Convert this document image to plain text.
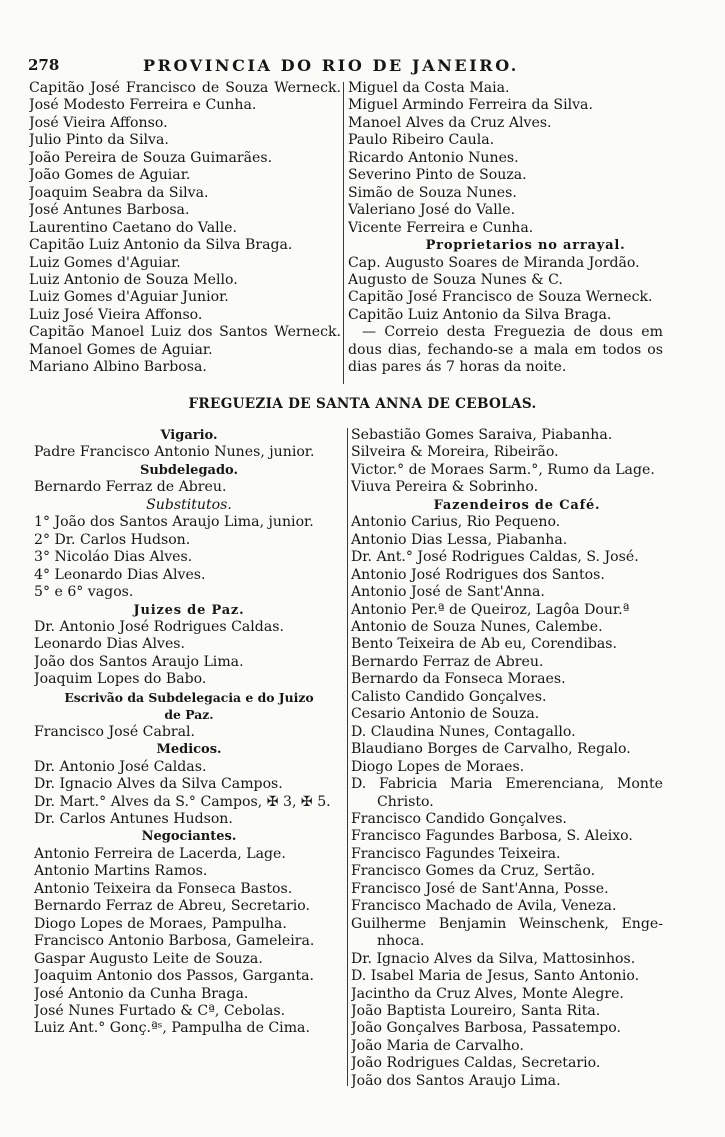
278	PROVINCIA DO RIO DE JANEIRO.
Capitão José Francisco de Souza Werneck.
José Modesto Ferreira e Cunha.
José Vieira Affonso.
Julio Pinto da Silva.
João Pereira de Souza Guimarães.
João Gomes de Aguiar.
Joaquim Seabra da Silva.
José Antunes Barbosa.
Laurentino Caetano do Valle.
Capitão Luiz Antonio da Silva Braga.
Luiz Gomes d'Aguiar.
Luiz Antonio de Souza Mello.
Luiz Gomes d'Aguiar Junior.
Luiz José Vieira Affonso.
Capitão Manoel Luiz dos Santos Werneck.
Manoel Gomes de Aguiar.
Mariano Albino Barbosa.
Miguel da Costa Maia.
Miguel Armindo Ferreira da Silva.
Manoel Alves da Cruz Alves.
Paulo Ribeiro Caula.
Ricardo Antonio Nunes.
Severino Pinto de Souza.
Simão de Souza Nunes.
Valeriano José do Valle.
Vicente Ferreira e Cunha.
Proprietarios no arrayal.
Cap. Augusto Soares de Miranda Jordão.
Augusto de Souza Nunes & C.
Capitão José Francisco de Souza Werneck.
Capitão Luiz Antonio da Silva Braga.
— Correio desta Freguezia de dous em
dous dias, fechando-se a mala em todos os
dias pares ás 7 horas da noite.
FREGUEZIA DE SANTA ANNA DE CEBOLAS.
Vigario.
Padre Francisco Antonio Nunes, junior.
Subdelegado.
Bernardo Ferraz de Abreu.
Substitutos.
1° João dos Santos Araujo Lima, junior.
2° Dr. Carlos Hudson.
3° Nicoláo Dias Alves.
4° Leonardo Dias Alves.
5° e 6° vagos.
Juizes de Paz.
Dr. Antonio José Rodrigues Caldas.
Leonardo Dias Alves.
João dos Santos Araujo Lima.
Joaquim Lopes do Babo.
Escrivão da Subdelegacia e do Juizo
de Paz.
Francisco José Cabral.
Medicos.
Dr. Antonio José Caldas.
Dr. Ignacio Alves da Silva Campos.
Dr. Mart.° Alves da S.° Campos, ✠ 3, ✠ 5.
Dr. Carlos Antunes Hudson.
Negociantes.
Antonio Ferreira de Lacerda, Lage.
Antonio Martins Ramos.
Antonio Teixeira da Fonseca Bastos.
Bernardo Ferraz de Abreu, Secretario.
Diogo Lopes de Moraes, Pampulha.
Francisco Antonio Barbosa, Gameleira.
Gaspar Augusto Leite de Souza.
Joaquim Antonio dos Passos, Garganta.
José Antonio da Cunha Braga.
José Nunes Furtado & Cª, Cebolas.
Luiz Ant.° Gonç.ªˢ, Pampulha de Cima.
Sebastião Gomes Saraiva, Piabanha.
Silveira & Moreira, Ribeirão.
Victor.° de Moraes Sarm.°, Rumo da Lage.
Viuva Pereira & Sobrinho.
Fazendeiros de Café.
Antonio Carius, Rio Pequeno.
Antonio Dias Lessa, Piabanha.
Dr. Ant.° José Rodrigues Caldas, S. José.
Antonio José Rodrigues dos Santos.
Antonio José de Sant'Anna.
Antonio Per.ª de Queiroz, Lagôa Dour.ª
Antonio de Souza Nunes, Calembe.
Bento Teixeira de Ab eu, Corendibas.
Bernardo Ferraz de Abreu.
Bernardo da Fonseca Moraes.
Calisto Candido Gonçalves.
Cesario Antonio de Souza.
D. Claudina Nunes, Contagallo.
Blaudiano Borges de Carvalho, Regalo.
Diogo Lopes de Moraes.
D. Fabricia Maria Emerenciana, Monte
Christo.
Francisco Candido Gonçalves.
Francisco Fagundes Barbosa, S. Aleixo.
Francisco Fagundes Teixeira.
Francisco Gomes da Cruz, Sertão.
Francisco José de Sant'Anna, Posse.
Francisco Machado de Avila, Veneza.
Guilherme Benjamin Weinschenk, Enge-
nhoca.
Dr. Ignacio Alves da Silva, Mattosinhos.
D. Isabel Maria de Jesus, Santo Antonio.
Jacintho da Cruz Alves, Monte Alegre.
João Baptista Loureiro, Santa Rita.
João Gonçalves Barbosa, Passatempo.
João Maria de Carvalho.
João Rodrigues Caldas, Secretario.
João dos Santos Araujo Lima.
